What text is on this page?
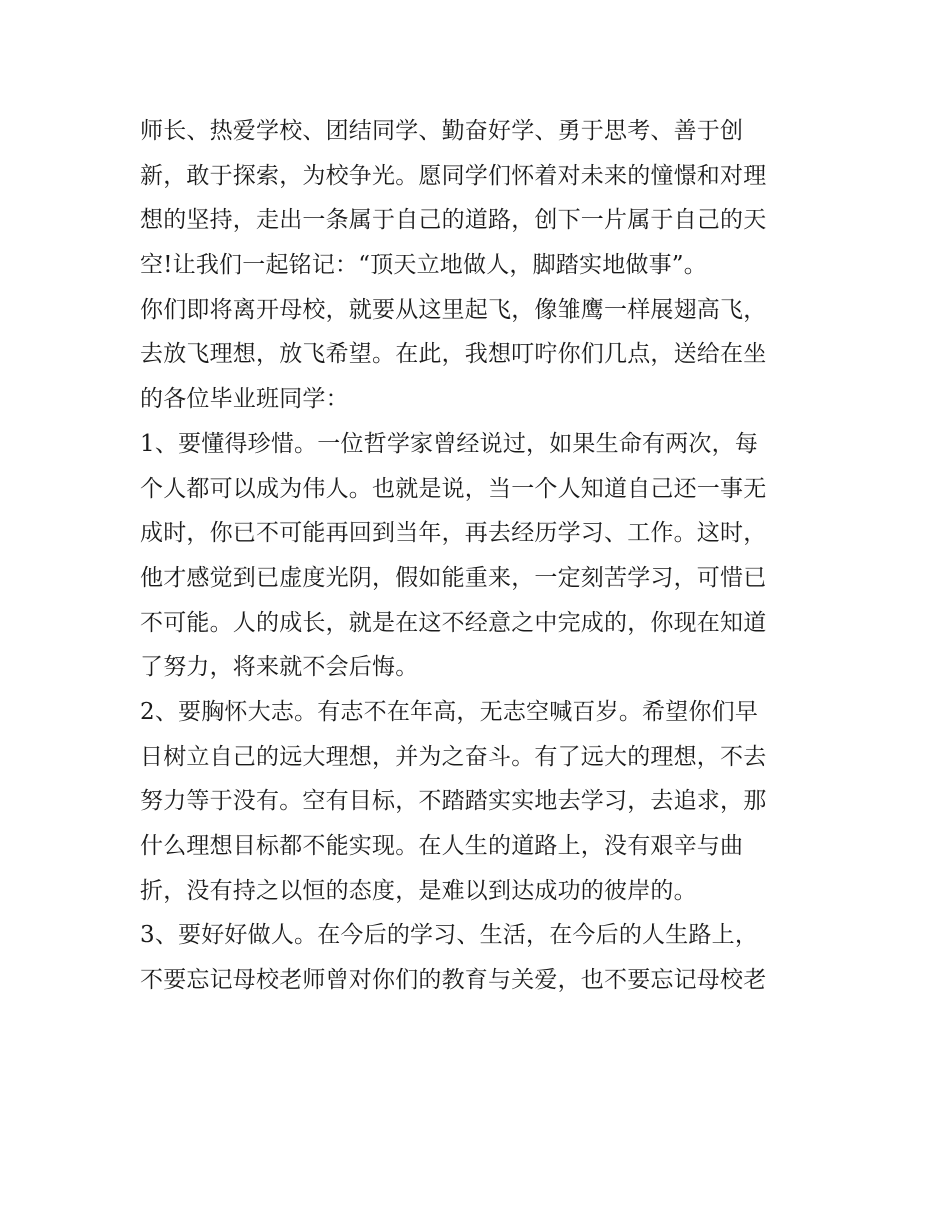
师长、热爱学校、团结同学、勤奋好学、勇于思考、善于创
新，敢于探索，为校争光。愿同学们怀着对未来的憧憬和对理
想的坚持，走出一条属于自己的道路，创下一片属于自己的天
空!让我们一起铭记：“顶天立地做人，脚踏实地做事”。
你们即将离开母校，就要从这里起飞，像雏鹰一样展翅高飞，
去放飞理想，放飞希望。在此，我想叮咛你们几点，送给在坐
的各位毕业班同学：
1、要懂得珍惜。一位哲学家曾经说过，如果生命有两次，每
个人都可以成为伟人。也就是说，当一个人知道自己还一事无
成时，你已不可能再回到当年，再去经历学习、工作。这时，
他才感觉到已虚度光阴，假如能重来，一定刻苦学习，可惜已
不可能。人的成长，就是在这不经意之中完成的，你现在知道
了努力，将来就不会后悔。
2、要胸怀大志。有志不在年高，无志空喊百岁。希望你们早
日树立自己的远大理想，并为之奋斗。有了远大的理想，不去
努力等于没有。空有目标，不踏踏实实地去学习，去追求，那
什么理想目标都不能实现。在人生的道路上，没有艰辛与曲
折，没有持之以恒的态度，是难以到达成功的彼岸的。
3、要好好做人。在今后的学习、生活，在今后的人生路上，
不要忘记母校老师曾对你们的教育与关爱，也不要忘记母校老
